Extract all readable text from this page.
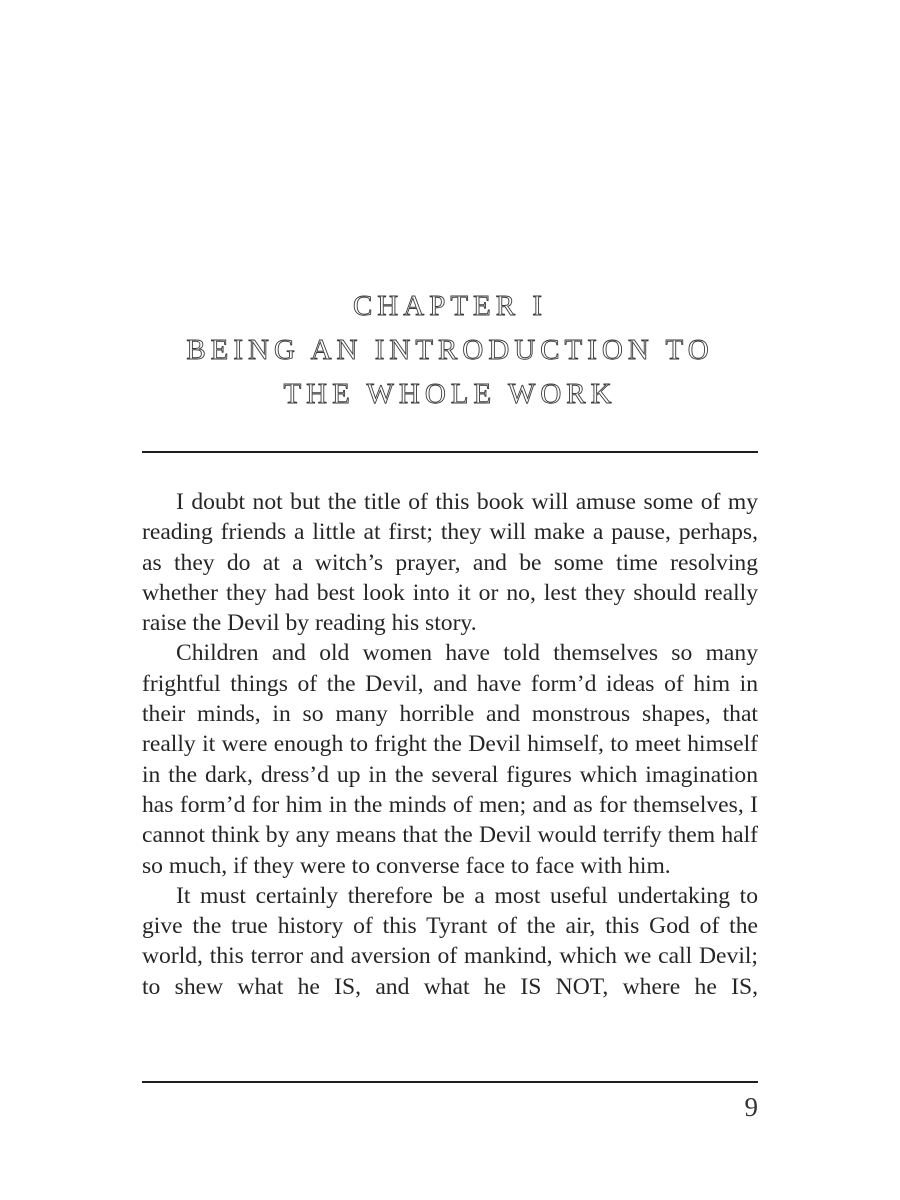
CHAPTER I
BEING AN INTRODUCTION TO
THE WHOLE WORK

I doubt not but the title of this book will amuse some of my reading friends a little at first; they will make a pause, perhaps, as they do at a witch’s prayer, and be some time resolving whether they had best look into it or no, lest they should really raise the Devil by reading his story.

Children and old women have told themselves so many frightful things of the Devil, and have form’d ideas of him in their minds, in so many horrible and monstrous shapes, that really it were enough to fright the Devil himself, to meet himself in the dark, dress’d up in the several figures which imagination has form’d for him in the minds of men; and as for themselves, I cannot think by any means that the Devil would terrify them half so much, if they were to converse face to face with him.

It must certainly therefore be a most useful undertaking to give the true history of this Tyrant of the air, this God of the world, this terror and aversion of mankind, which we call Devil; to shew what he IS, and what he IS NOT, where he IS,

9
